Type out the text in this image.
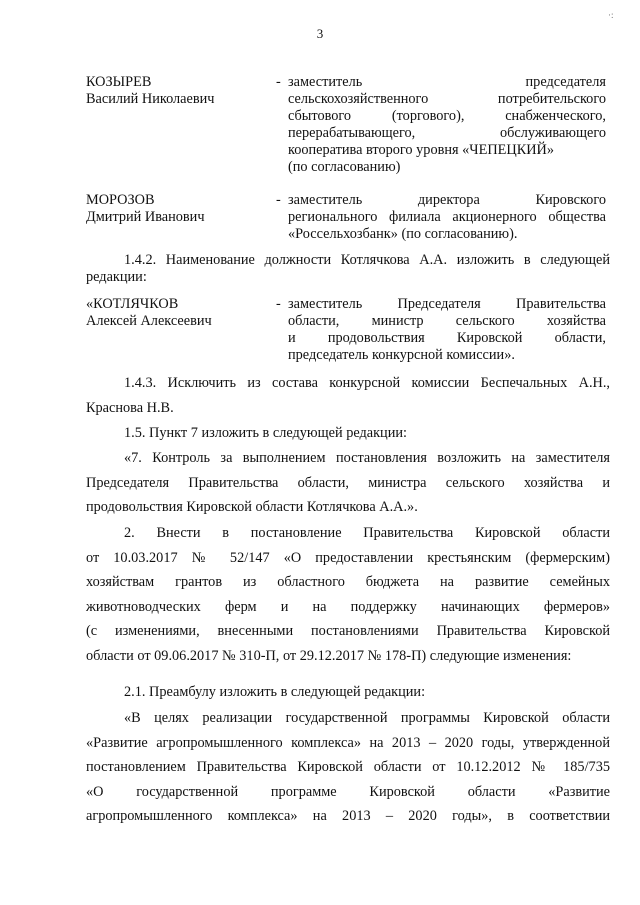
·:
3
КОЗЫРЕВ
Василий Николаевич
- заместитель председателя
сельскохозяйственного потребительского
сбытового (торгового), снабженческого,
перерабатывающего, обслуживающего
кооператива второго уровня «ЧЕПЕЦКИЙ»
(по согласованию)
МОРОЗОВ
Дмитрий Иванович
- заместитель директора Кировского
регионального филиала акционерного общества
«Россельхозбанк» (по согласованию).
1.4.2. Наименование должности Котлячкова А.А. изложить в следующей
редакции:
«КОТЛЯЧКОВ
Алексей Алексеевич
- заместитель Председателя Правительства
области, министр сельского хозяйства
и продовольствия Кировской области,
председатель конкурсной комиссии».
1.4.3. Исключить из состава конкурсной комиссии Беспечальных А.Н.,
Краснова Н.В.
1.5. Пункт 7 изложить в следующей редакции:
«7. Контроль за выполнением постановления возложить на заместителя
Председателя Правительства области, министра сельского хозяйства и
продовольствия Кировской области Котлячкова А.А.».
2. Внести в постановление Правительства Кировской области
от 10.03.2017 № 52/147 «О предоставлении крестьянским (фермерским)
хозяйствам грантов из областного бюджета на развитие семейных
животноводческих ферм и на поддержку начинающих фермеров»
(с изменениями, внесенными постановлениями Правительства Кировской
области от 09.06.2017 № 310-П, от 29.12.2017 № 178-П) следующие изменения:
2.1. Преамбулу изложить в следующей редакции:
«В целях реализации государственной программы Кировской области
«Развитие агропромышленного комплекса» на 2013 – 2020 годы, утвержденной
постановлением Правительства Кировской области от 10.12.2012 № 185/735
«О государственной программе Кировской области «Развитие
агропромышленного комплекса» на 2013 – 2020 годы», в соответствии
